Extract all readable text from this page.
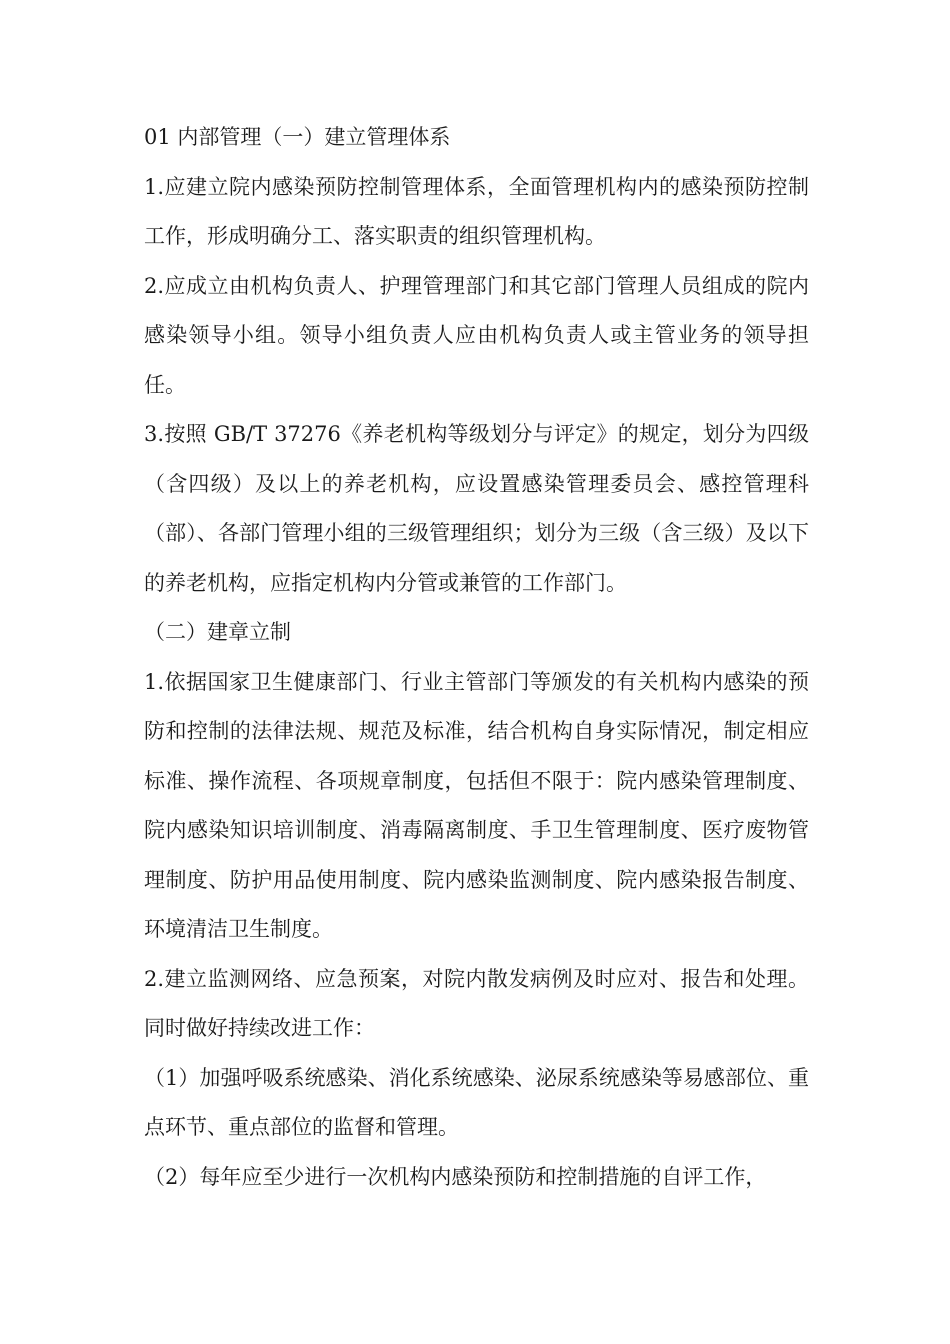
01 内部管理（一）建立管理体系

1.应建立院内感染预防控制管理体系，全面管理机构内的感染预防控制工作，形成明确分工、落实职责的组织管理机构。

2.应成立由机构负责人、护理管理部门和其它部门管理人员组成的院内感染领导小组。领导小组负责人应由机构负责人或主管业务的领导担任。

3.按照 GB/T 37276《养老机构等级划分与评定》的规定，划分为四级（含四级）及以上的养老机构，应设置感染管理委员会、感控管理科（部）、各部门管理小组的三级管理组织；划分为三级（含三级）及以下的养老机构，应指定机构内分管或兼管的工作部门。

（二）建章立制

1.依据国家卫生健康部门、行业主管部门等颁发的有关机构内感染的预防和控制的法律法规、规范及标准，结合机构自身实际情况，制定相应标准、操作流程、各项规章制度，包括但不限于：院内感染管理制度、院内感染知识培训制度、消毒隔离制度、手卫生管理制度、医疗废物管理制度、防护用品使用制度、院内感染监测制度、院内感染报告制度、环境清洁卫生制度。

2.建立监测网络、应急预案，对院内散发病例及时应对、报告和处理。同时做好持续改进工作：

（1）加强呼吸系统感染、消化系统感染、泌尿系统感染等易感部位、重点环节、重点部位的监督和管理。

（2）每年应至少进行一次机构内感染预防和控制措施的自评工作，
